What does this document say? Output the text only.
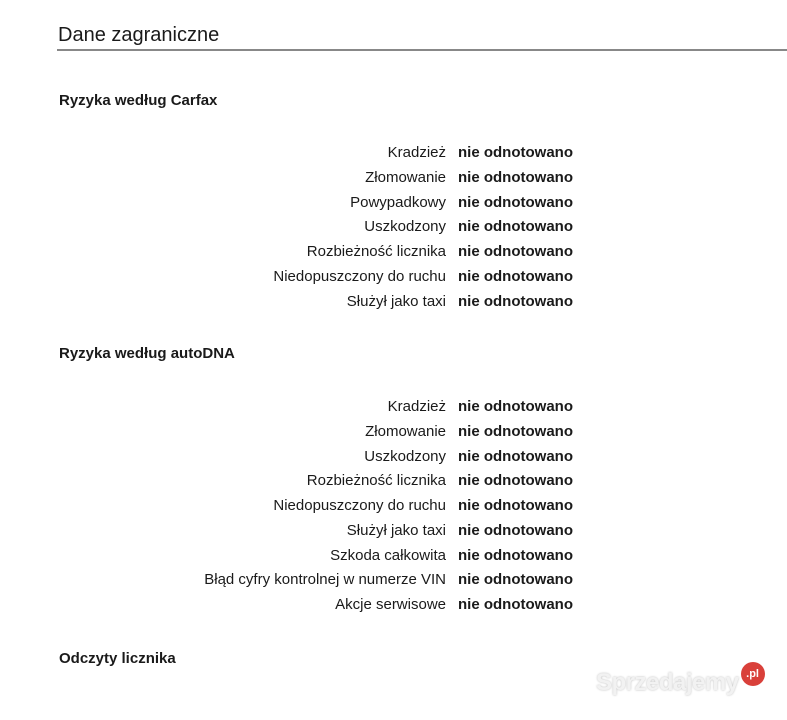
Dane zagraniczne
Ryzyka według Carfax
Kradzież nie odnotowano
Złomowanie nie odnotowano
Powypadkowy nie odnotowano
Uszkodzony nie odnotowano
Rozbieżność licznika nie odnotowano
Niedopuszczony do ruchu nie odnotowano
Służył jako taxi nie odnotowano
Ryzyka według autoDNA
Kradzież nie odnotowano
Złomowanie nie odnotowano
Uszkodzony nie odnotowano
Rozbieżność licznika nie odnotowano
Niedopuszczony do ruchu nie odnotowano
Służył jako taxi nie odnotowano
Szkoda całkowita nie odnotowano
Błąd cyfry kontrolnej w numerze VIN nie odnotowano
Akcje serwisowe nie odnotowano
Odczyty licznika
Sprzedajemy .pl
